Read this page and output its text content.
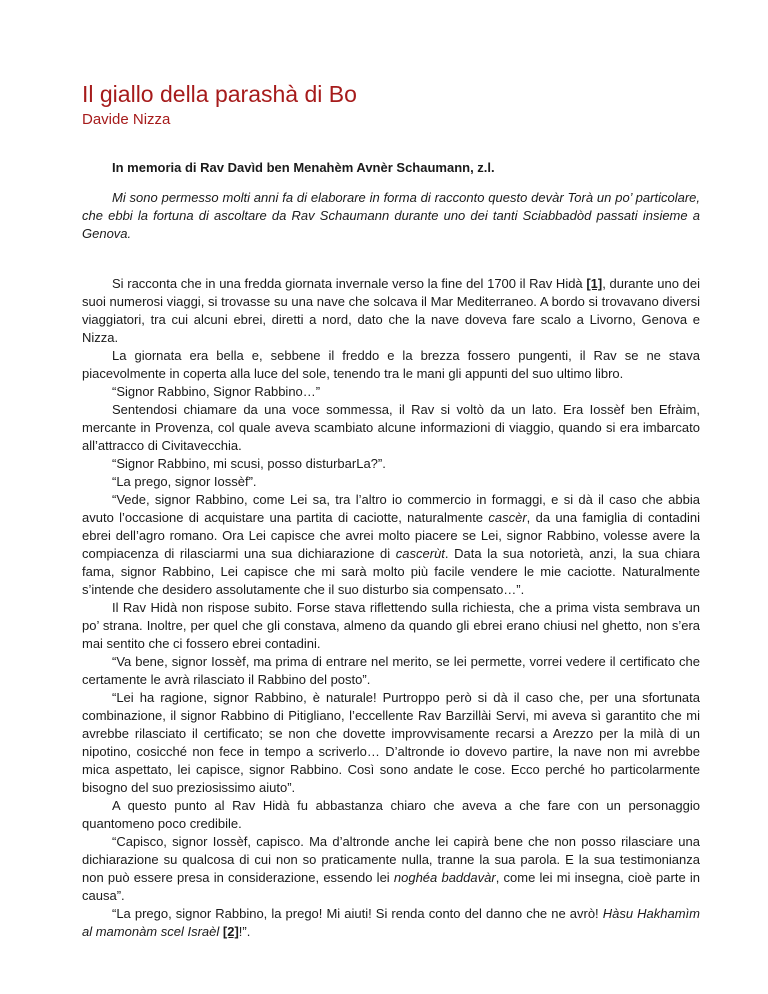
Il giallo della parashà di Bo
Davide Nizza

In memoria di Rav Davìd ben Menahèm Avnèr Schaumann, z.l.

Mi sono permesso molti anni fa di elaborare in forma di racconto questo devàr Torà un po’ particolare, che ebbi la fortuna di ascoltare da Rav Schaumann durante uno dei tanti Sciabbadòd passati insieme a Genova.

Si racconta che in una fredda giornata invernale verso la fine del 1700 il Rav Hidà [1], durante uno dei suoi numerosi viaggi, si trovasse su una nave che solcava il Mar Mediterraneo. A bordo si trovavano diversi viaggiatori, tra cui alcuni ebrei, diretti a nord, dato che la nave doveva fare scalo a Livorno, Genova e Nizza.

La giornata era bella e, sebbene il freddo e la brezza fossero pungenti, il Rav se ne stava piacevolmente in coperta alla luce del sole, tenendo tra le mani gli appunti del suo ultimo libro.

“Signor Rabbino, Signor Rabbino…”

Sentendosi chiamare da una voce sommessa, il Rav si voltò da un lato. Era Iossèf ben Efràim, mercante in Provenza, col quale aveva scambiato alcune informazioni di viaggio, quando si era imbarcato all’attracco di Civitavecchia.

“Signor Rabbino, mi scusi, posso disturbarLa?”.

“La prego, signor Iossèf”.

“Vede, signor Rabbino, come Lei sa, tra l’altro io commercio in formaggi, e si dà il caso che abbia avuto l’occasione di acquistare una partita di caciotte, naturalmente cascèr, da una famiglia di contadini ebrei dell’agro romano. Ora Lei capisce che avrei molto piacere se Lei, signor Rabbino, volesse avere la compiacenza di rilasciarmi una sua dichiarazione di cascerùt. Data la sua notorietà, anzi, la sua chiara fama, signor Rabbino, Lei capisce che mi sarà molto più facile vendere le mie caciotte. Naturalmente s’intende che desidero assolutamente che il suo disturbo sia compensato…”.

Il Rav Hidà non rispose subito. Forse stava riflettendo sulla richiesta, che a prima vista sembrava un po’ strana. Inoltre, per quel che gli constava, almeno da quando gli ebrei erano chiusi nel ghetto, non s’era mai sentito che ci fossero ebrei contadini.

“Va bene, signor Iossèf, ma prima di entrare nel merito, se lei permette, vorrei vedere il certificato che certamente le avrà rilasciato il Rabbino del posto”.

“Lei ha ragione, signor Rabbino, è naturale! Purtroppo però si dà il caso che, per una sfortunata combinazione, il signor Rabbino di Pitigliano, l’eccellente Rav Barzillài Servi, mi aveva sì garantito che mi avrebbe rilasciato il certificato; se non che dovette improvvisamente recarsi a Arezzo per la milà di un nipotino, cosicché non fece in tempo a scriverlo… D’altronde io dovevo partire, la nave non mi avrebbe mica aspettato, lei capisce, signor Rabbino. Così sono andate le cose. Ecco perché ho particolarmente bisogno del suo preziosissimo aiuto”.

A questo punto al Rav Hidà fu abbastanza chiaro che aveva a che fare con un personaggio quantomeno poco credibile.

“Capisco, signor Iossèf, capisco. Ma d’altronde anche lei capirà bene che non posso rilasciare una dichiarazione su qualcosa di cui non so praticamente nulla, tranne la sua parola. E la sua testimonianza non può essere presa in considerazione, essendo lei noghéa baddavàr, come lei mi insegna, cioè parte in causa”.

“La prego, signor Rabbino, la prego! Mi aiuti! Si renda conto del danno che ne avrò! Hàsu Hakhamìm al mamonàm scel Israèl [2]!”.
